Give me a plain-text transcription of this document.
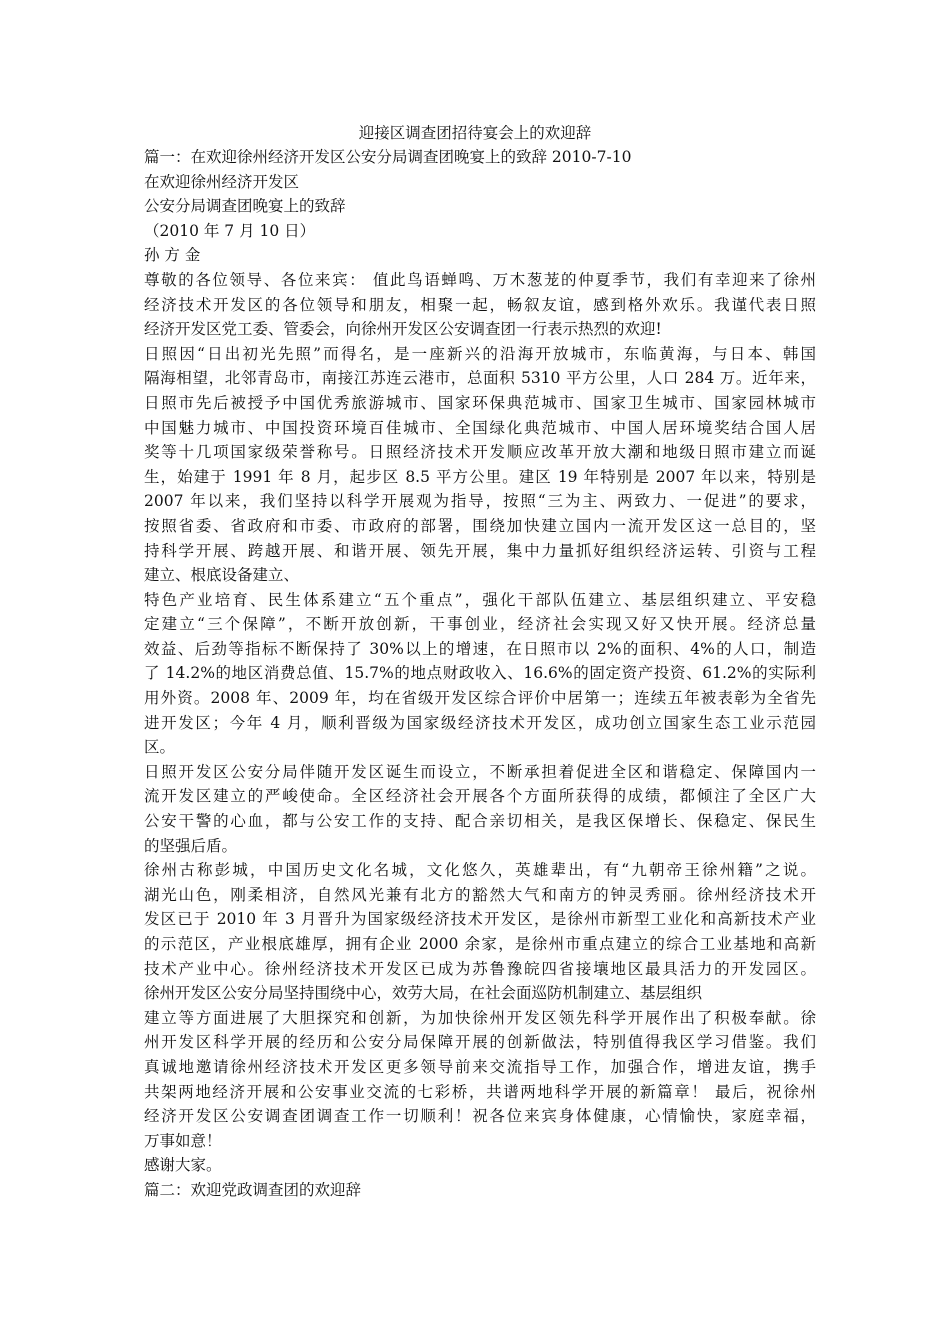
迎接区调查团招待宴会上的欢迎辞
篇一：在欢迎徐州经济开发区公安分局调查团晚宴上的致辞 2010-7-10
在欢迎徐州经济开发区
公安分局调查团晚宴上的致辞
（2010 年 7 月 10 日）
孙 方 金
尊敬的各位领导、各位来宾： 值此鸟语蝉鸣、万木葱茏的仲夏季节，我们有幸迎来了徐州
经济技术开发区的各位领导和朋友，相聚一起，畅叙友谊，感到格外欢乐。我谨代表日照
经济开发区党工委、管委会，向徐州开发区公安调查团一行表示热烈的欢迎!
日照因“日出初光先照”而得名，是一座新兴的沿海开放城市，东临黄海，与日本、韩国
隔海相望，北邻青岛市，南接江苏连云港市，总面积 5310 平方公里，人口 284 万。近年来，
日照市先后被授予中国优秀旅游城市、国家环保典范城市、国家卫生城市、国家园林城市
中国魅力城市、中国投资环境百佳城市、全国绿化典范城市、中国人居环境奖结合国人居
奖等十几项国家级荣誉称号。日照经济技术开发顺应改革开放大潮和地级日照市建立而诞
生，始建于 1991 年 8 月，起步区 8.5 平方公里。建区 19 年特别是 2007 年以来，特别是
2007 年以来，我们坚持以科学开展观为指导，按照“三为主、两致力、一促进”的要求，
按照省委、省政府和市委、市政府的部署，围绕加快建立国内一流开发区这一总目的，坚
持科学开展、跨越开展、和谐开展、领先开展，集中力量抓好组织经济运转、引资与工程
建立、根底设备建立、
特色产业培育、民生体系建立“五个重点”，强化干部队伍建立、基层组织建立、平安稳
定建立“三个保障”，不断开放创新，干事创业，经济社会实现又好又快开展。经济总量
效益、后劲等指标不断保持了 30%以上的增速，在日照市以 2%的面积、4%的人口，制造
了 14.2%的地区消费总值、15.7%的地点财政收入、16.6%的固定资产投资、61.2%的实际利
用外资。2008 年、2009 年，均在省级开发区综合评价中居第一；连续五年被表彰为全省先
进开发区；今年 4 月，顺利晋级为国家级经济技术开发区，成功创立国家生态工业示范园
区。
日照开发区公安分局伴随开发区诞生而设立，不断承担着促进全区和谐稳定、保障国内一
流开发区建立的严峻使命。全区经济社会开展各个方面所获得的成绩，都倾注了全区广大
公安干警的心血，都与公安工作的支持、配合亲切相关，是我区保增长、保稳定、保民生
的坚强后盾。
徐州古称彭城，中国历史文化名城，文化悠久，英雄辈出，有“九朝帝王徐州籍”之说。
湖光山色，刚柔相济，自然风光兼有北方的豁然大气和南方的钟灵秀丽。徐州经济技术开
发区已于 2010 年 3 月晋升为国家级经济技术开发区，是徐州市新型工业化和高新技术产业
的示范区，产业根底雄厚，拥有企业 2000 余家，是徐州市重点建立的综合工业基地和高新
技术产业中心。徐州经济技术开发区已成为苏鲁豫皖四省接壤地区最具活力的开发园区。
徐州开发区公安分局坚持围绕中心，效劳大局，在社会面巡防机制建立、基层组织
建立等方面进展了大胆探究和创新，为加快徐州开发区领先科学开展作出了积极奉献。徐
州开发区科学开展的经历和公安分局保障开展的创新做法，特别值得我区学习借鉴。我们
真诚地邀请徐州经济技术开发区更多领导前来交流指导工作，加强合作，增进友谊，携手
共架两地经济开展和公安事业交流的七彩桥，共谱两地科学开展的新篇章！ 最后，祝徐州
经济开发区公安调查团调查工作一切顺利！祝各位来宾身体健康，心情愉快，家庭幸福，
万事如意！
感谢大家。
篇二：欢迎党政调查团的欢迎辞
